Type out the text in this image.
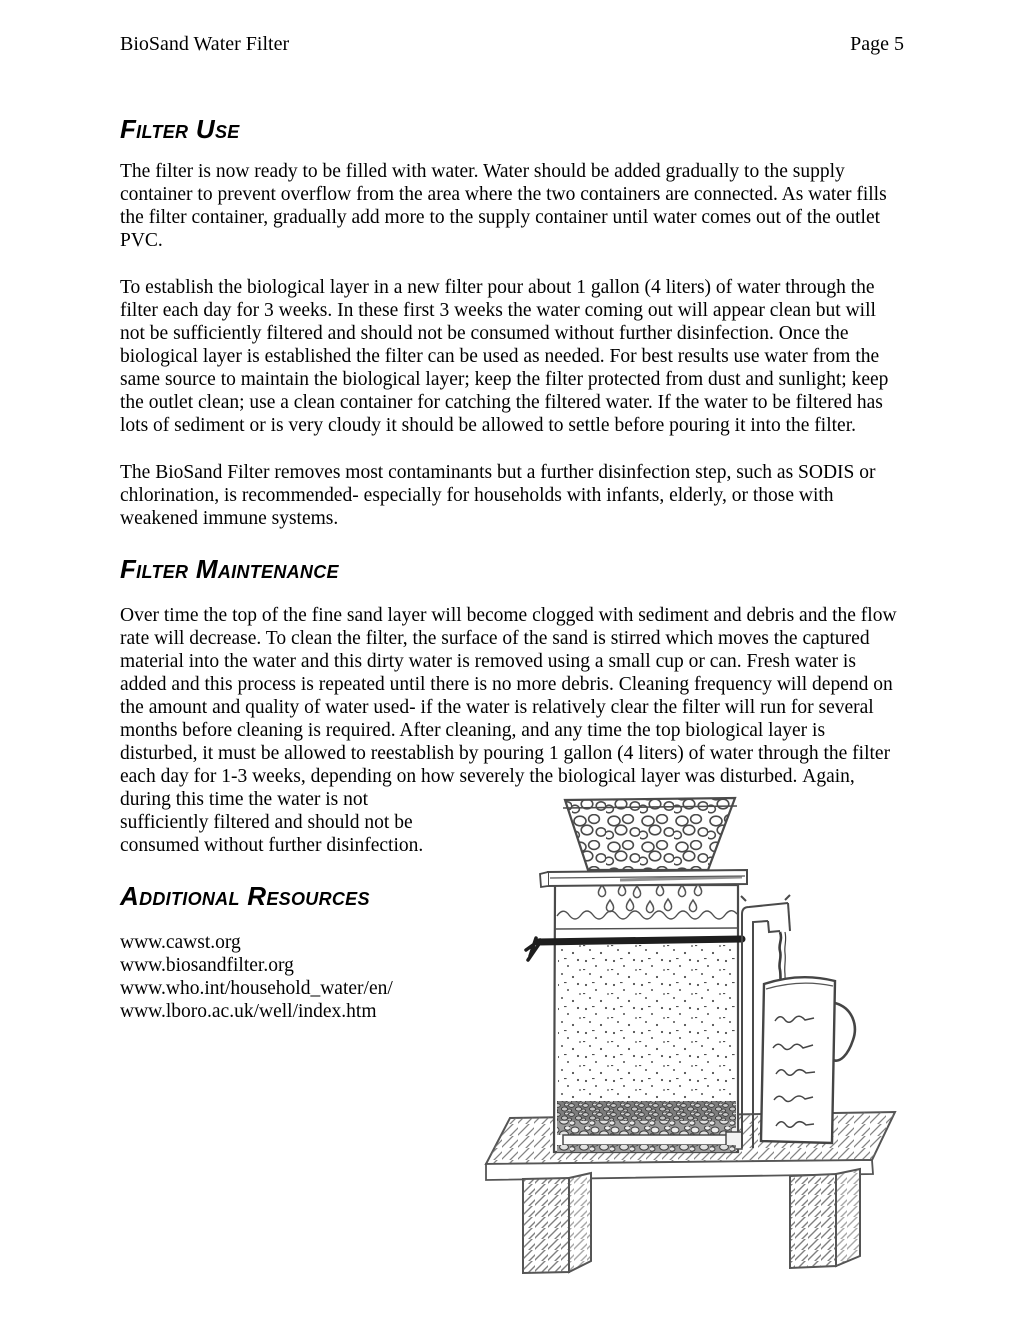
BioSand Water Filter	Page 5
Filter Use

The filter is now ready to be filled with water. Water should be added gradually to the supply container to prevent overflow from the area where the two containers are connected. As water fills the filter container, gradually add more to the supply container until water comes out of the outlet PVC.

To establish the biological layer in a new filter pour about 1 gallon (4 liters) of water through the filter each day for 3 weeks. In these first 3 weeks the water coming out will appear clean but will not be sufficiently filtered and should not be consumed without further disinfection. Once the biological layer is established the filter can be used as needed. For best results use water from the same source to maintain the biological layer; keep the filter protected from dust and sunlight; keep the outlet clean; use a clean container for catching the filtered water. If the water to be filtered has lots of sediment or is very cloudy it should be allowed to settle before pouring it into the filter.

The BioSand Filter removes most contaminants but a further disinfection step, such as SODIS or chlorination, is recommended- especially for households with infants, elderly, or those with weakened immune systems.

Filter Maintenance

Over time the top of the fine sand layer will become clogged with sediment and debris and the flow rate will decrease. To clean the filter, the surface of the sand is stirred which moves the captured material into the water and this dirty water is removed using a small cup or can. Fresh water is added and this process is repeated until there is no more debris. Cleaning frequency will depend on the amount and quality of water used- if the water is relatively clear the filter will run for several months before cleaning is required. After cleaning, and any time the top biological layer is disturbed, it must be allowed to reestablish by pouring 1 gallon (4 liters) of water through the filter each day for 1-3 weeks, depending on how severely the biological layer was disturbed. Again, during this time the water is not sufficiently filtered and should not be consumed without further disinfection.

Additional Resources

www.cawst.org
www.biosandfilter.org
www.who.int/household_water/en/
www.lboro.ac.uk/well/index.htm
